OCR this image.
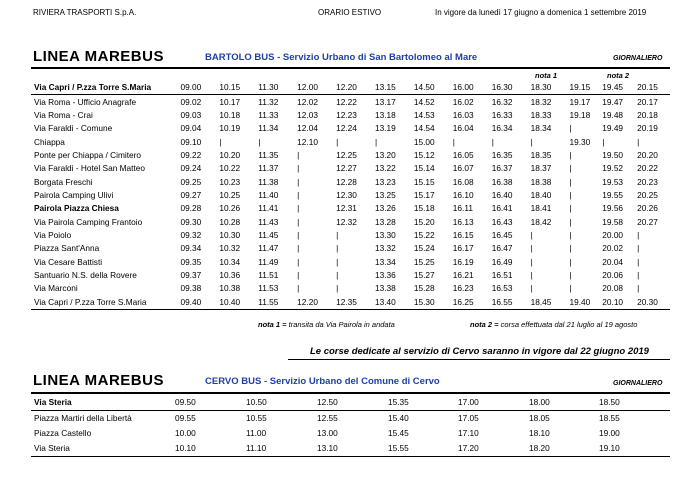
RIVIERA TRASPORTI S.p.A.	ORARIO ESTIVO	In vigore da lunedì 17 giugno a domenica 1 settembre 2019
LINEA MAREBUS	BARTOLO BUS - Servizio Urbano di San Bartolomeo al Mare	GIORNALIERO
nota 1	nota 2
Via Capri / P.zza Torre S.Maria	09.00	10.15	11.30	12.00	12.20	13.15	14.50	16.00	16.30	18.30	19.15	19.45	20.15
Via Roma - Ufficio Anagrafe	09.02	10.17	11.32	12.02	12.22	13.17	14.52	16.02	16.32	18.32	19.17	19.47	20.17
Via Roma - Crai	09.03	10.18	11.33	12.03	12.23	13.18	14.53	16.03	16.33	18.33	19.18	19.48	20.18
Via Faraldi - Comune	09.04	10.19	11.34	12.04	12.24	13.19	14.54	16.04	16.34	18.34	|	19.49	20.19
Chiappa	09.10	|	|	12.10	|	|	15.00	|	|	|	19.30	|	|
Ponte per Chiappa / Cimitero	09.22	10.20	11.35	|	12.25	13.20	15.12	16.05	16.35	18.35	|	19.50	20.20
Via Faraldi - Hotel San Matteo	09.24	10.22	11.37	|	12.27	13.22	15.14	16.07	16.37	18.37	|	19.52	20.22
Borgata Freschi	09.25	10.23	11.38	|	12.28	13.23	15.15	16.08	16.38	18.38	|	19.53	20.23
Pairola Camping Ulivi	09.27	10.25	11.40	|	12.30	13.25	15.17	16.10	16.40	18.40	|	19.55	20.25
Pairola Piazza Chiesa	09.28	10.26	11.41	|	12.31	13.26	15.18	16.11	16.41	18.41	|	19.56	20.26
Via Pairola Camping Frantoio	09.30	10.28	11.43	|	12.32	13.28	15.20	16.13	16.43	18.42	|	19.58	20.27
Via Poiolo	09.32	10.30	11.45	|	|	13.30	15.22	16.15	16.45	|	|	20.00	|
Piazza Sant'Anna	09.34	10.32	11.47	|	|	13.32	15.24	16.17	16.47	|	|	20.02	|
Via Cesare Battisti	09.35	10.34	11.49	|	|	13.34	15.25	16.19	16.49	|	|	20.04	|
Santuario N.S. della Rovere	09.37	10.36	11.51	|	|	13.36	15.27	16.21	16.51	|	|	20.06	|
Via Marconi	09.38	10.38	11.53	|	|	13.38	15.28	16.23	16.53	|	|	20.08	|
Via Capri / P.zza Torre S.Maria	09.40	10.40	11.55	12.20	12.35	13.40	15.30	16.25	16.55	18.45	19.40	20.10	20.30
nota 1 = transita da Via Pairola in andata	nota 2 = corsa effettuata dal 21 luglio al 19 agosto
Le corse dedicate al servizio di Cervo saranno in vigore dal 22 giugno 2019
LINEA MAREBUS	CERVO BUS - Servizio Urbano del Comune di Cervo	GIORNALIERO
Via Steria	09.50	10.50	12.50	15.35	17.00	18.00	18.50
Piazza Martiri della Libertà	09.55	10.55	12.55	15.40	17.05	18.05	18.55
Piazza Castello	10.00	11.00	13.00	15.45	17.10	18.10	19.00
Via Steria	10.10	11.10	13.10	15.55	17.20	18.20	19.10
